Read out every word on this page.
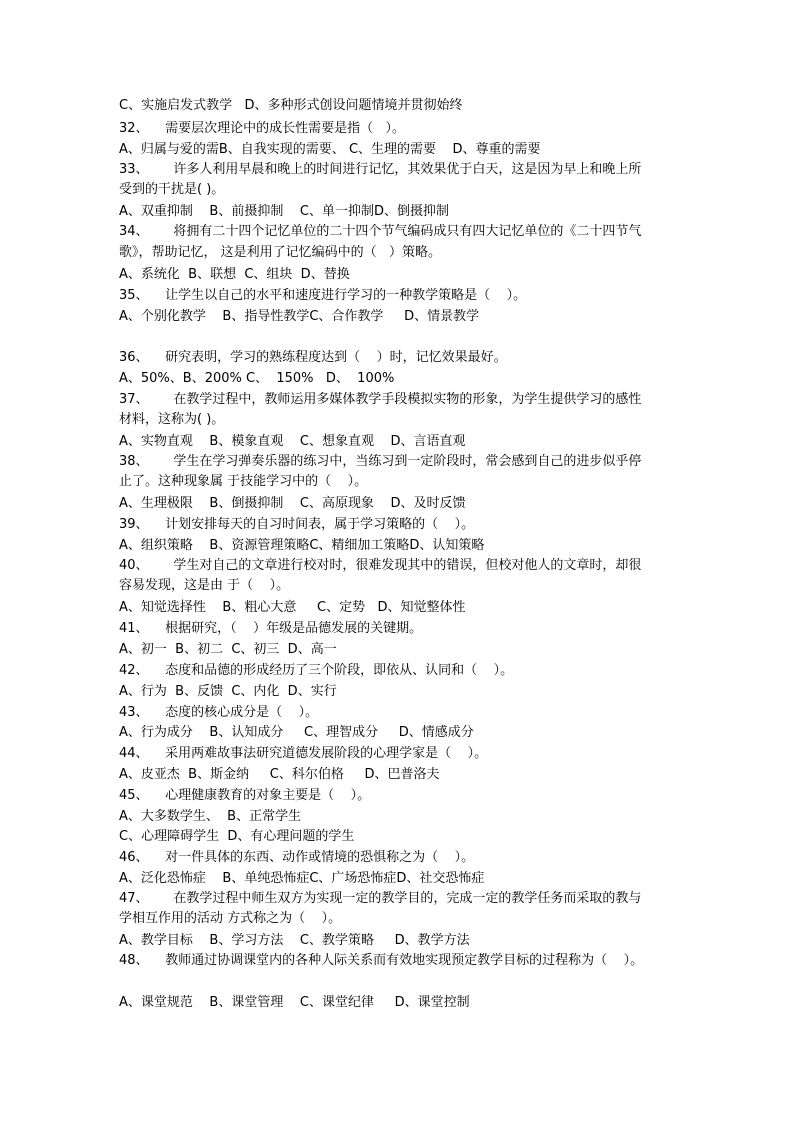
C、实施启发式教学   D、多种形式创设问题情境并贯彻始终

32、    需要层次理论中的成长性需要是指（   ）。

A、归属与爱的需B、自我实现的需要、 C、生理的需要    D、尊重的需要

33、      许多人利用早晨和晚上的时间进行记忆，其效果优于白天，这是因为早上和晚上所

受到的干扰是( )。

A、双重抑制    B、前摄抑制    C、单一抑制D、倒摄抑制

34、      将拥有二十四个记忆单位的二十四个节气编码成只有四大记忆单位的《二十四节气

歌》，帮助记忆， 这是利用了记忆编码中的（   ）策略。

A、系统化  B、联想  C、组块  D、替换

35、    让学生以自己的水平和速度进行学习的一种教学策略是（    ）。

A、个别化教学    B、指导性教学C、合作教学     D、情景教学

36、    研究表明，学习的熟练程度达到（    ）时，记忆效果最好。

A、50%、B、200% C、  150%   D、  100%

37、      在教学过程中，教师运用多媒体教学手段模拟实物的形象，为学生提供学习的感性

材料，这称为( )。

A、实物直观    B、模象直观    C、想象直观    D、言语直观

38、      学生在学习弹奏乐器的练习中，当练习到一定阶段时，常会感到自己的进步似乎停

止了。这种现象属 于技能学习中的（    ）。

A、生理极限    B、倒摄抑制    C、高原现象    D、及时反馈

39、    计划安排每天的自习时间表，属于学习策略的（    ）。

A、组织策略    B、资源管理策略C、精细加工策略D、认知策略

40、      学生对自己的文章进行校对时，很难发现其中的错误，但校对他人的文章时，却很

容易发现，这是由 于（    ）。

A、知觉选择性    B、粗心大意     C、定势   D、知觉整体性

41、    根据研究，（    ）年级是品德发展的关键期。

A、初一  B、初二  C、初三  D、高一

42、    态度和品德的形成经历了三个阶段，即依从、认同和（    ）。

A、行为  B、反馈  C、内化  D、实行

43、    态度的核心成分是（    ）。

A、行为成分    B、认知成分     C、理智成分     D、情感成分

44、    采用两难故事法研究道德发展阶段的心理学家是（    ）。

A、皮亚杰  B、斯金纳     C、科尔伯格     D、巴普洛夫

45、    心理健康教育的对象主要是（    ）。

A、大多数学生、  B、正常学生

C、心理障碍学生  D、有心理问题的学生

46、    对一件具体的东西、动作或情境的恐惧称之为（    ）。

A、泛化恐怖症    B、单纯恐怖症C、广场恐怖症D、社交恐怖症

47、      在教学过程中师生双方为实现一定的教学目的，完成一定的教学任务而采取的教与

学相互作用的活动 方式称之为（    ）。

A、教学目标    B、学习方法    C、教学策略     D、教学方法

48、    教师通过协调课堂内的各种人际关系而有效地实现预定教学目标的过程称为（    ）。

A、课堂规范    B、课堂管理    C、课堂纪律     D、课堂控制
